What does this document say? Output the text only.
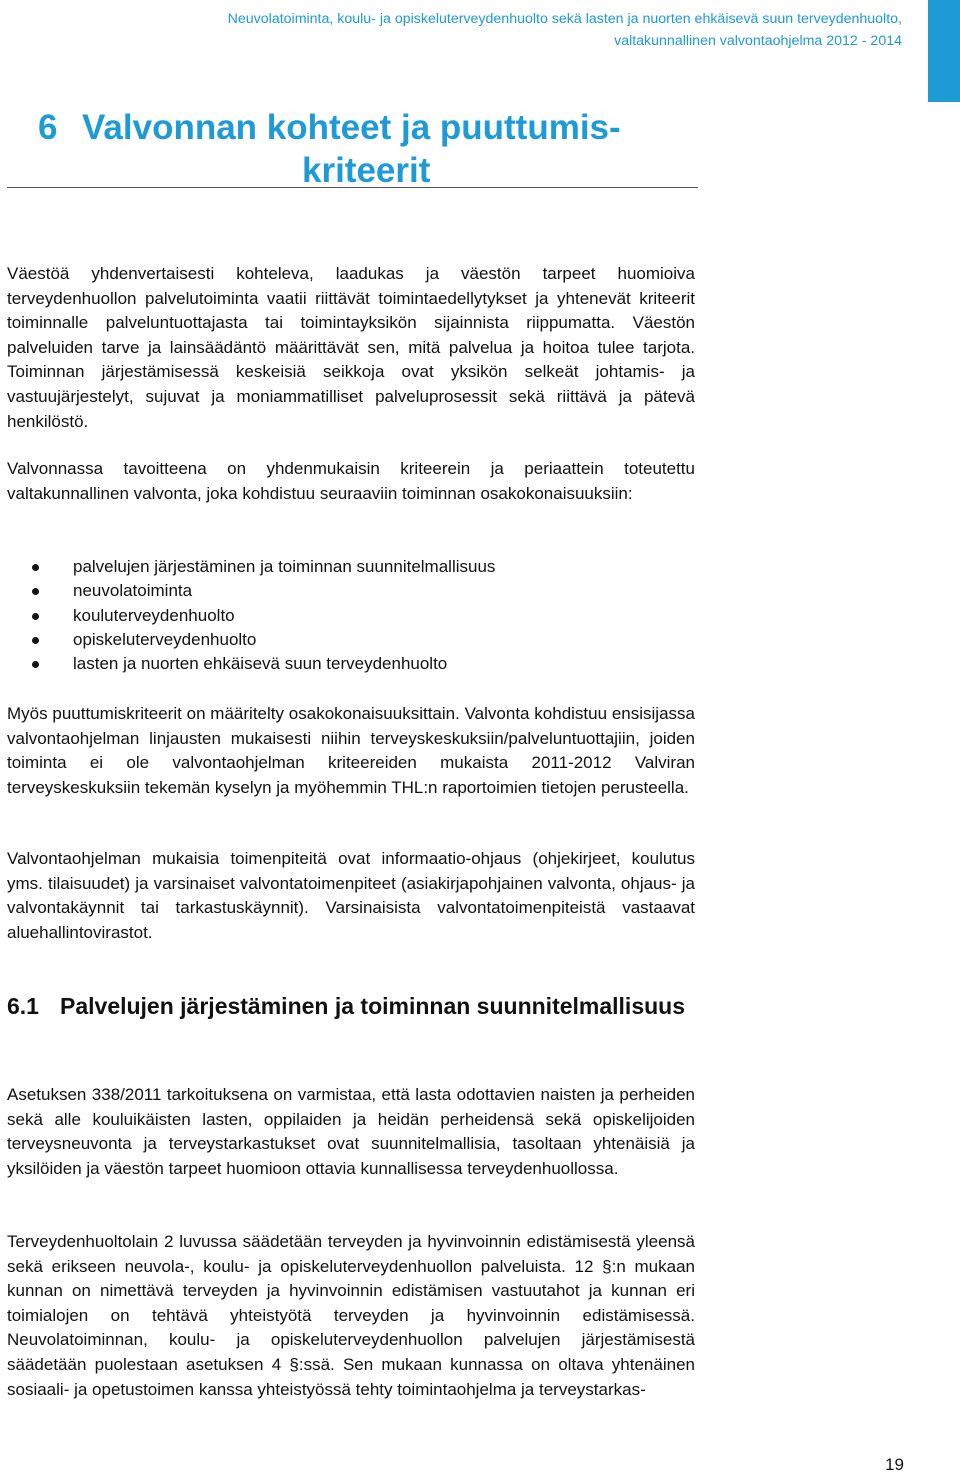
Neuvolatoiminta, koulu- ja opiskeluterveydenhuolto sekä lasten ja nuorten ehkäisevä suun terveydenhuolto,
valtakunnallinen valvontaohjelma 2012 - 2014
6 Valvonnan kohteet ja puuttumis-
kriteerit

Väestöä yhdenvertaisesti kohteleva, laadukas ja väestön tarpeet huomioiva terveydenhuollon palvelutoiminta vaatii riittävät toimintaedellytykset ja yhtenevät kriteerit toiminnalle palveluntuottajasta tai toimintayksikön sijainnista riippumatta. Väestön palveluiden tarve ja lainsäädäntö määrittävät sen, mitä palvelua ja hoitoa tulee tarjota. Toiminnan järjestämisessä keskeisiä seikkoja ovat yksikön selkeät johtamis- ja vastuujärjestelyt, sujuvat ja moniammatilliset palveluprosessit sekä riittävä ja pätevä henkilöstö.

Valvonnassa tavoitteena on yhdenmukaisin kriteerein ja periaattein toteutettu valtakunnallinen valvonta, joka kohdistuu seuraaviin toiminnan osakokonaisuuksiin:

palvelujen järjestäminen ja toiminnan suunnitelmallisuus
neuvolatoiminta
kouluterveydenhuolto
opiskeluterveydenhuolto
lasten ja nuorten ehkäisevä suun terveydenhuolto

Myös puuttumiskriteerit on määritelty osakokonaisuuksittain. Valvonta kohdistuu ensisijassa valvontaohjelman linjausten mukaisesti niihin terveyskeskuksiin/palveluntuottajiin, joiden toiminta ei ole valvontaohjelman kriteereiden mukaista 2011-2012 Valviran terveyskeskuksiin tekemän kyselyn ja myöhemmin THL:n raportoimien tietojen perusteella.

Valvontaohjelman mukaisia toimenpiteitä ovat informaatio-ohjaus (ohjekirjeet, koulutus yms. tilaisuudet) ja varsinaiset valvontatoimenpiteet (asiakirjapohjainen valvonta, ohjaus- ja valvontakäynnit tai tarkastuskäynnit). Varsinaisista valvontatoimenpiteistä vastaavat aluehallintovirastot.

6.1 Palvelujen järjestäminen ja toiminnan suunnitelmallisuus

Asetuksen 338/2011 tarkoituksena on varmistaa, että lasta odottavien naisten ja perheiden sekä alle kouluikäisten lasten, oppilaiden ja heidän perheidensä sekä opiskelijoiden terveysneuvonta ja terveystarkastukset ovat suunnitelmallisia, tasoltaan yhtenäisiä ja yksilöiden ja väestön tarpeet huomioon ottavia kunnallisessa terveydenhuollossa.

Terveydenhuoltolain 2 luvussa säädetään terveyden ja hyvinvoinnin edistämisestä yleensä sekä erikseen neuvola-, koulu- ja opiskeluterveydenhuollon palveluista. 12 §:n mukaan kunnan on nimettävä terveyden ja hyvinvoinnin edistämisen vastuutahot ja kunnan eri toimialojen on tehtävä yhteistyötä terveyden ja hyvinvoinnin edistämisessä. Neuvolatoiminnan, koulu- ja opiskeluterveydenhuollon palvelujen järjestämisestä säädetään puolestaan asetuksen 4 §:ssä. Sen mukaan kunnassa on oltava yhtenäinen sosiaali- ja opetustoimen kanssa yhteistyössä tehty toimintaohjelma ja terveystarkas-

19
